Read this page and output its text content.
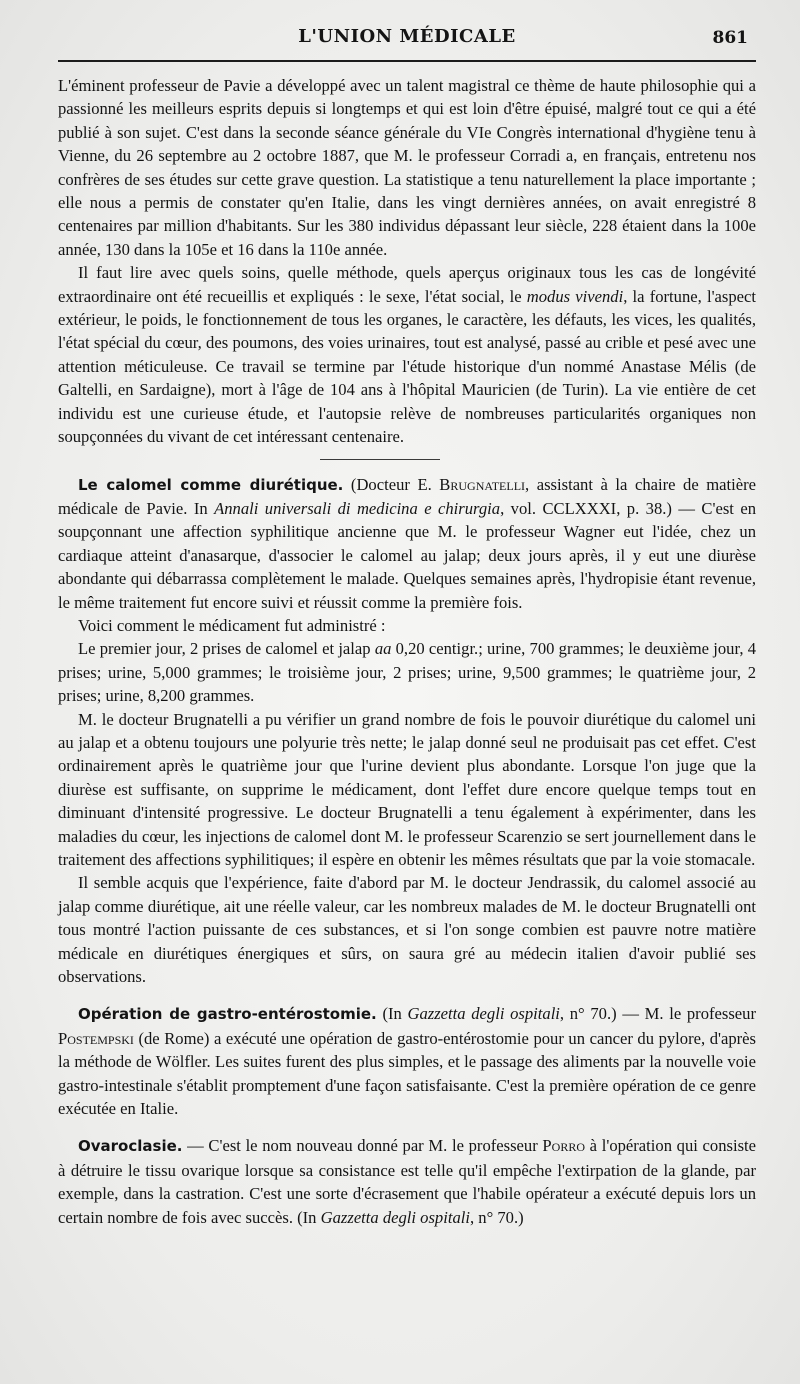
L'UNION MÉDICALE	861

L'éminent professeur de Pavie a développé avec un talent magistral ce thème de haute philosophie qui a passionné les meilleurs esprits depuis si longtemps et qui est loin d'être épuisé, malgré tout ce qui a été publié à son sujet. C'est dans la seconde séance générale du VIe Congrès international d'hygiène tenu à Vienne, du 26 septembre au 2 octobre 1887, que M. le professeur Corradi a, en français, entretenu nos confrères de ses études sur cette grave question. La statistique a tenu naturellement la place importante ; elle nous a permis de constater qu'en Italie, dans les vingt dernières années, on avait enregistré 8 centenaires par million d'habitants. Sur les 380 individus dépassant leur siècle, 228 étaient dans la 100e année, 130 dans la 105e et 16 dans la 110e année.

Il faut lire avec quels soins, quelle méthode, quels aperçus originaux tous les cas de longévité extraordinaire ont été recueillis et expliqués : le sexe, l'état social, le modus vivendi, la fortune, l'aspect extérieur, le poids, le fonctionnement de tous les organes, le caractère, les défauts, les vices, les qualités, l'état spécial du cœur, des poumons, des voies urinaires, tout est analysé, passé au crible et pesé avec une attention méticuleuse. Ce travail se termine par l'étude historique d'un nommé Anastase Mélis (de Galtelli, en Sardaigne), mort à l'âge de 104 ans à l'hôpital Mauricien (de Turin). La vie entière de cet individu est une curieuse étude, et l'autopsie relève de nombreuses particularités organiques non soupçonnées du vivant de cet intéressant centenaire.

Le calomel comme diurétique. (Docteur E. Brugnatelli, assistant à la chaire de matière médicale de Pavie. In Annali universali di medicina e chirurgia, vol. CCLXXXI, p. 38.) — C'est en soupçonnant une affection syphilitique ancienne que M. le professeur Wagner eut l'idée, chez un cardiaque atteint d'anasarque, d'associer le calomel au jalap; deux jours après, il y eut une diurèse abondante qui débarrassa complètement le malade. Quelques semaines après, l'hydropisie étant revenue, le même traitement fut encore suivi et réussit comme la première fois.

Voici comment le médicament fut administré :

Le premier jour, 2 prises de calomel et jalap aa 0,20 centigr.; urine, 700 grammes; le deuxième jour, 4 prises; urine, 5,000 grammes; le troisième jour, 2 prises; urine, 9,500 grammes; le quatrième jour, 2 prises; urine, 8,200 grammes.

M. le docteur Brugnatelli a pu vérifier un grand nombre de fois le pouvoir diurétique du calomel uni au jalap et a obtenu toujours une polyurie très nette; le jalap donné seul ne produisait pas cet effet. C'est ordinairement après le quatrième jour que l'urine devient plus abondante. Lorsque l'on juge que la diurèse est suffisante, on supprime le médicament, dont l'effet dure encore quelque temps tout en diminuant d'intensité progressive. Le docteur Brugnatelli a tenu également à expérimenter, dans les maladies du cœur, les injections de calomel dont M. le professeur Scarenzio se sert journellement dans le traitement des affections syphilitiques; il espère en obtenir les mêmes résultats que par la voie stomacale.

Il semble acquis que l'expérience, faite d'abord par M. le docteur Jendrassik, du calomel associé au jalap comme diurétique, ait une réelle valeur, car les nombreux malades de M. le docteur Brugnatelli ont tous montré l'action puissante de ces substances, et si l'on songe combien est pauvre notre matière médicale en diurétiques énergiques et sûrs, on saura gré au médecin italien d'avoir publié ses observations.

Opération de gastro-entérostomie. (In Gazzetta degli ospitali, n° 70.) — M. le professeur Postempski (de Rome) a exécuté une opération de gastro-entérostomie pour un cancer du pylore, d'après la méthode de Wölfler. Les suites furent des plus simples, et le passage des aliments par la nouvelle voie gastro-intestinale s'établit promptement d'une façon satisfaisante. C'est la première opération de ce genre exécutée en Italie.

Ovaroclasie. — C'est le nom nouveau donné par M. le professeur Porro à l'opération qui consiste à détruire le tissu ovarique lorsque sa consistance est telle qu'il empêche l'extirpation de la glande, par exemple, dans la castration. C'est une sorte d'écrasement que l'habile opérateur a exécuté depuis lors un certain nombre de fois avec succès. (In Gazzetta degli ospitali, n° 70.)
